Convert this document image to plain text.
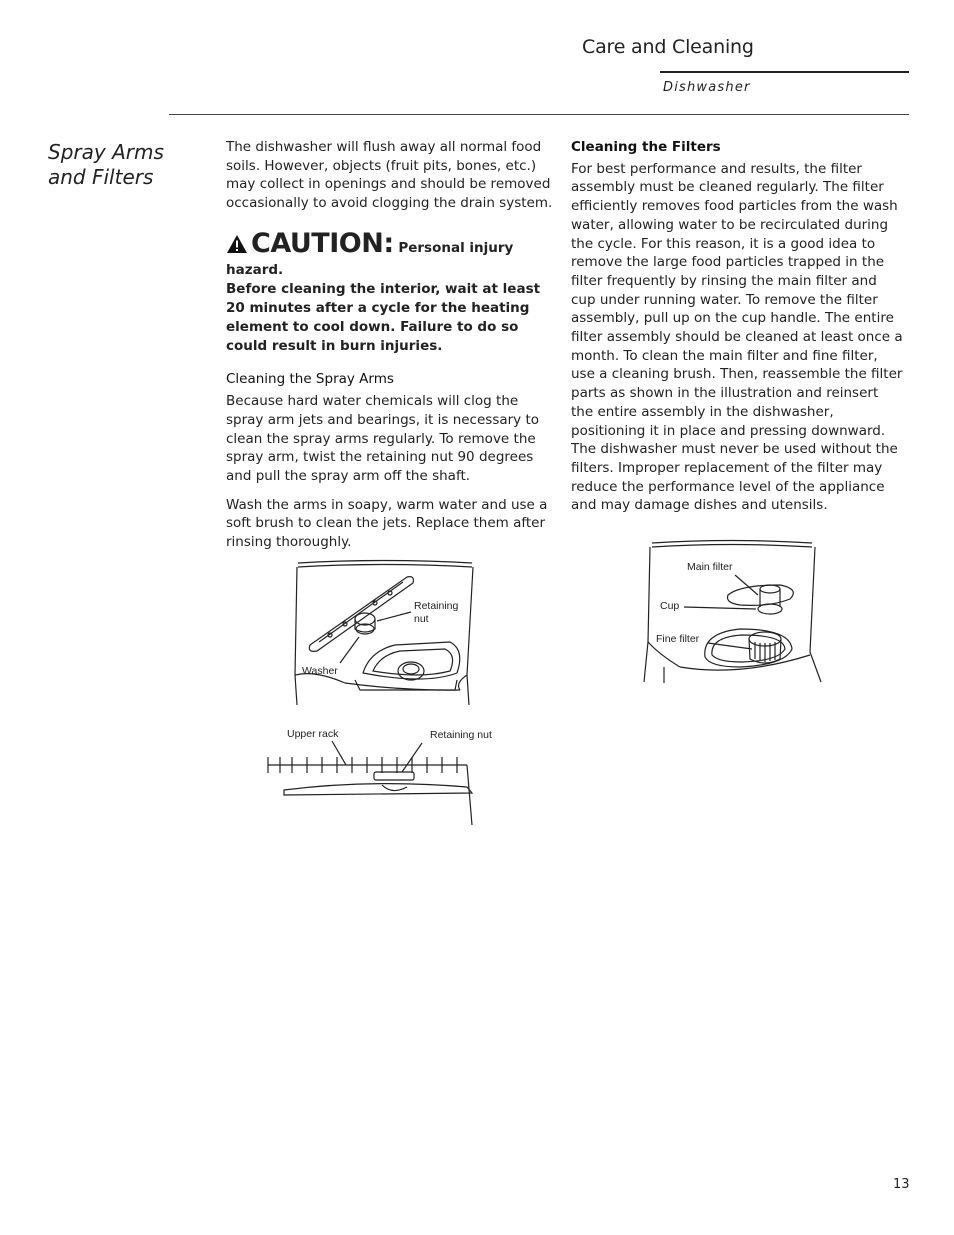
Care and Cleaning
Dishwasher
Spray Arms and Filters

The dishwasher will flush away all normal food soils. However, objects (fruit pits, bones, etc.) may collect in openings and should be removed occasionally to avoid clogging the drain system.

CAUTION: Personal injury hazard.
Before cleaning the interior, wait at least 20 minutes after a cycle for the heating element to cool down. Failure to do so could result in burn injuries.

Cleaning the Spray Arms

Because hard water chemicals will clog the spray arm jets and bearings, it is necessary to clean the spray arms regularly. To remove the spray arm, twist the retaining nut 90 degrees and pull the spray arm off the shaft.

Wash the arms in soapy, warm water and use a soft brush to clean the jets. Replace them after rinsing thoroughly.

Cleaning the Filters

For best performance and results, the filter assembly must be cleaned regularly. The filter efficiently removes food particles from the wash water, allowing water to be recirculated during the cycle. For this reason, it is a good idea to remove the large food particles trapped in the filter frequently by rinsing the main filter and cup under running water. To remove the filter assembly, pull up on the cup handle. The entire filter assembly should be cleaned at least once a month. To clean the main filter and fine filter, use a cleaning brush. Then, reassemble the filter parts as shown in the illustration and reinsert the entire assembly in the dishwasher, positioning it in place and pressing downward. The dishwasher must never be used without the filters. Improper replacement of the filter may reduce the performance level of the appliance and may damage dishes and utensils.

Retaining
nut
Washer
Upper rack	Retaining nut
Main filter
Cup
Fine filter
13
